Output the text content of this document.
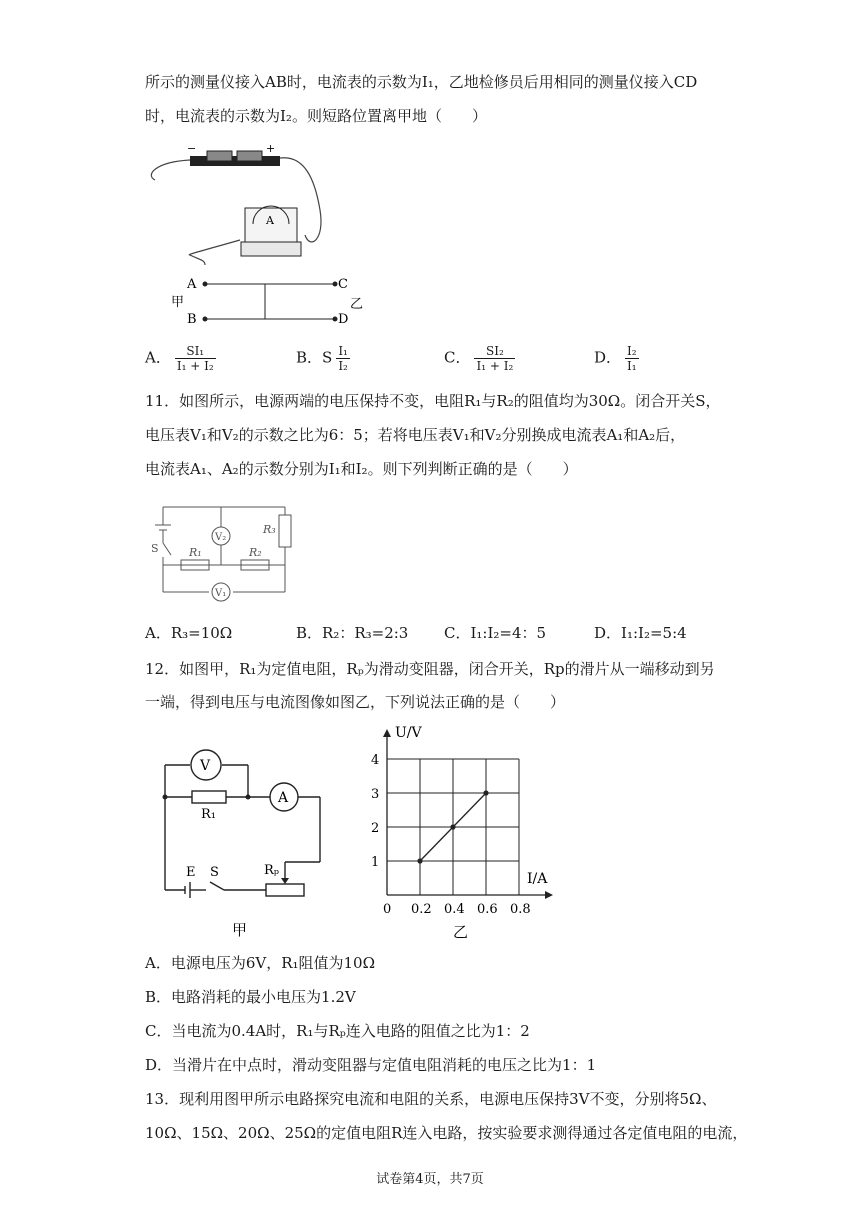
所示的测量仪接入AB时，电流表的示数为I₁，乙地检修员后用相同的测量仪接入CD
时，电流表的示数为I₂。则短路位置离甲地（　　）
−	+
A
A
B
C
D
甲	乙
A． $\frac{\text{SI₁}}{\text{I₁ + I₂}}$	B．S $\frac{\text{I₁}}{\text{I₂}}$	C． $\frac{\text{SI₂}}{\text{I₁ + I₂}}$	D． $\frac{\text{I₂}}{\text{I₁}}$
11．如图所示，电源两端的电压保持不变，电阻R₁与R₂的阻值均为30Ω。闭合开关S，
电压表V₁和V₂的示数之比为6：5；若将电压表V₁和V₂分别换成电流表A₁和A₂后，
电流表A₁、A₂的示数分别为I₁和I₂。则下列判断正确的是（　　）
V₂
V₁
R₁	R₂
R₃
S
A．R₃=10Ω	B．R₂：R₃=2:3 C．I₁:I₂=4：5	D．I₁:I₂=5:4
12．如图甲，R₁为定值电阻，Rₚ为滑动变阻器，闭合开关，Rp的滑片从一端移动到另
一端，得到电压与电流图像如图乙，下列说法正确的是（　　）
V
A
R₁
E S	Rₚ
甲
0 0.2 0.4 0.6 0.8
1
2
3
4
U/V
I/A
乙
A．电源电压为6V，R₁阻值为10Ω
B．电路消耗的最小电压为1.2V
C．当电流为0.4A时，R₁与Rₚ连入电路的阻值之比为1：2
D．当滑片在中点时，滑动变阻器与定值电阻消耗的电压之比为1：1
13．现利用图甲所示电路探究电流和电阻的关系，电源电压保持3V不变，分别将5Ω、
10Ω、15Ω、20Ω、25Ω的定值电阻R连入电路，按实验要求测得通过各定值电阻的电流，
试卷第4页，共7页
